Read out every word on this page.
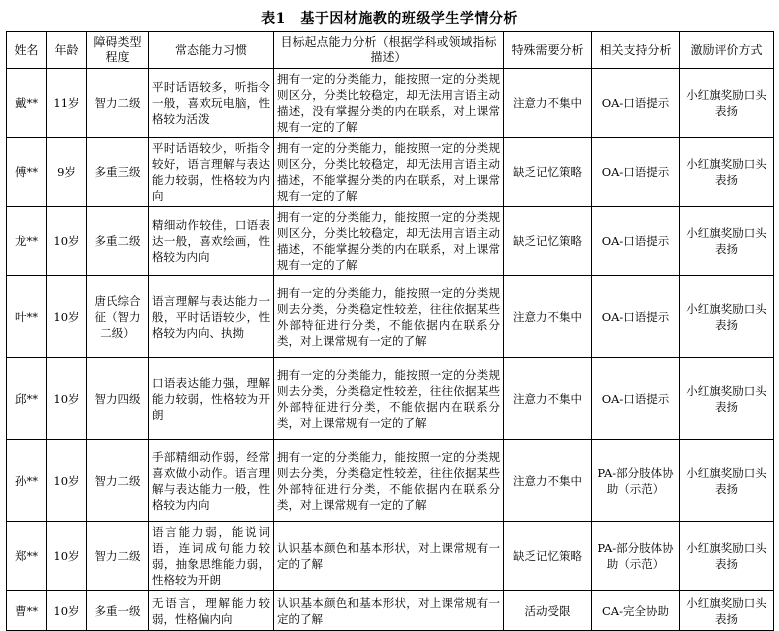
表1　基于因材施教的班级学生学情分析
姓名	年龄	障碍类型程度	常态能力习惯	目标起点能力分析（根据学科或领域指标描述）	特殊需要分析	相关支持分析	激励评价方式
戴**	11岁	智力二级	平时话语较多，听指令一般，喜欢玩电脑，性格较为活泼	拥有一定的分类能力，能按照一定的分类规则区分，分类比较稳定，却无法用言语主动描述，没有掌握分类的内在联系，对上课常规有一定的了解	注意力不集中	OA-口语提示	小红旗奖励口头表扬
傅**	9岁	多重三级	平时话语较少，听指令较好，语言理解与表达能力较弱，性格较为内向	拥有一定的分类能力，能按照一定的分类规则区分，分类比较稳定，却无法用言语主动描述，不能掌握分类的内在联系，对上课常规有一定的了解	缺乏记忆策略	OA-口语提示	小红旗奖励口头表扬
龙**	10岁	多重二级	精细动作较佳，口语表达一般，喜欢绘画，性格较为内向	拥有一定的分类能力，能按照一定的分类规则区分，分类比较稳定，却无法用言语主动描述，不能掌握分类的内在联系，对上课常规有一定的了解	缺乏记忆策略	OA-口语提示	小红旗奖励口头表扬
叶**	10岁	唐氏综合征（智力二级）	语言理解与表达能力一般，平时话语较少，性格较为内向、执拗	拥有一定的分类能力，能按照一定的分类规则去分类，分类稳定性较差，往往依据某些外部特征进行分类，不能依据内在联系分类，对上课常规有一定的了解	注意力不集中	OA-口语提示	小红旗奖励口头表扬
邱**	10岁	智力四级	口语表达能力强，理解能力较弱，性格较为开朗	拥有一定的分类能力，能按照一定的分类规则去分类，分类稳定性较差，往往依据某些外部特征进行分类，不能依据内在联系分类，对上课常规有一定的了解	注意力不集中	OA-口语提示	小红旗奖励口头表扬
孙**	10岁	智力二级	手部精细动作弱，经常喜欢做小动作。语言理解与表达能力一般，性格较为内向	拥有一定的分类能力，能按照一定的分类规则去分类，分类稳定性较差，往往依据某些外部特征进行分类，不能依据内在联系分类，对上课常规有一定的了解	注意力不集中	PA-部分肢体协助（示范）	小红旗奖励口头表扬
郑**	10岁	智力二级	语言能力弱，能说词语，连词成句能力较弱，抽象思维能力弱，性格较为开朗	认识基本颜色和基本形状，对上课常规有一定的了解	缺乏记忆策略	PA-部分肢体协助（示范）	小红旗奖励口头表扬
曹**	10岁	多重一级	无语言，理解能力较弱，性格偏内向	认识基本颜色和基本形状，对上课常规有一定的了解	活动受限	CA-完全协助	小红旗奖励口头表扬
